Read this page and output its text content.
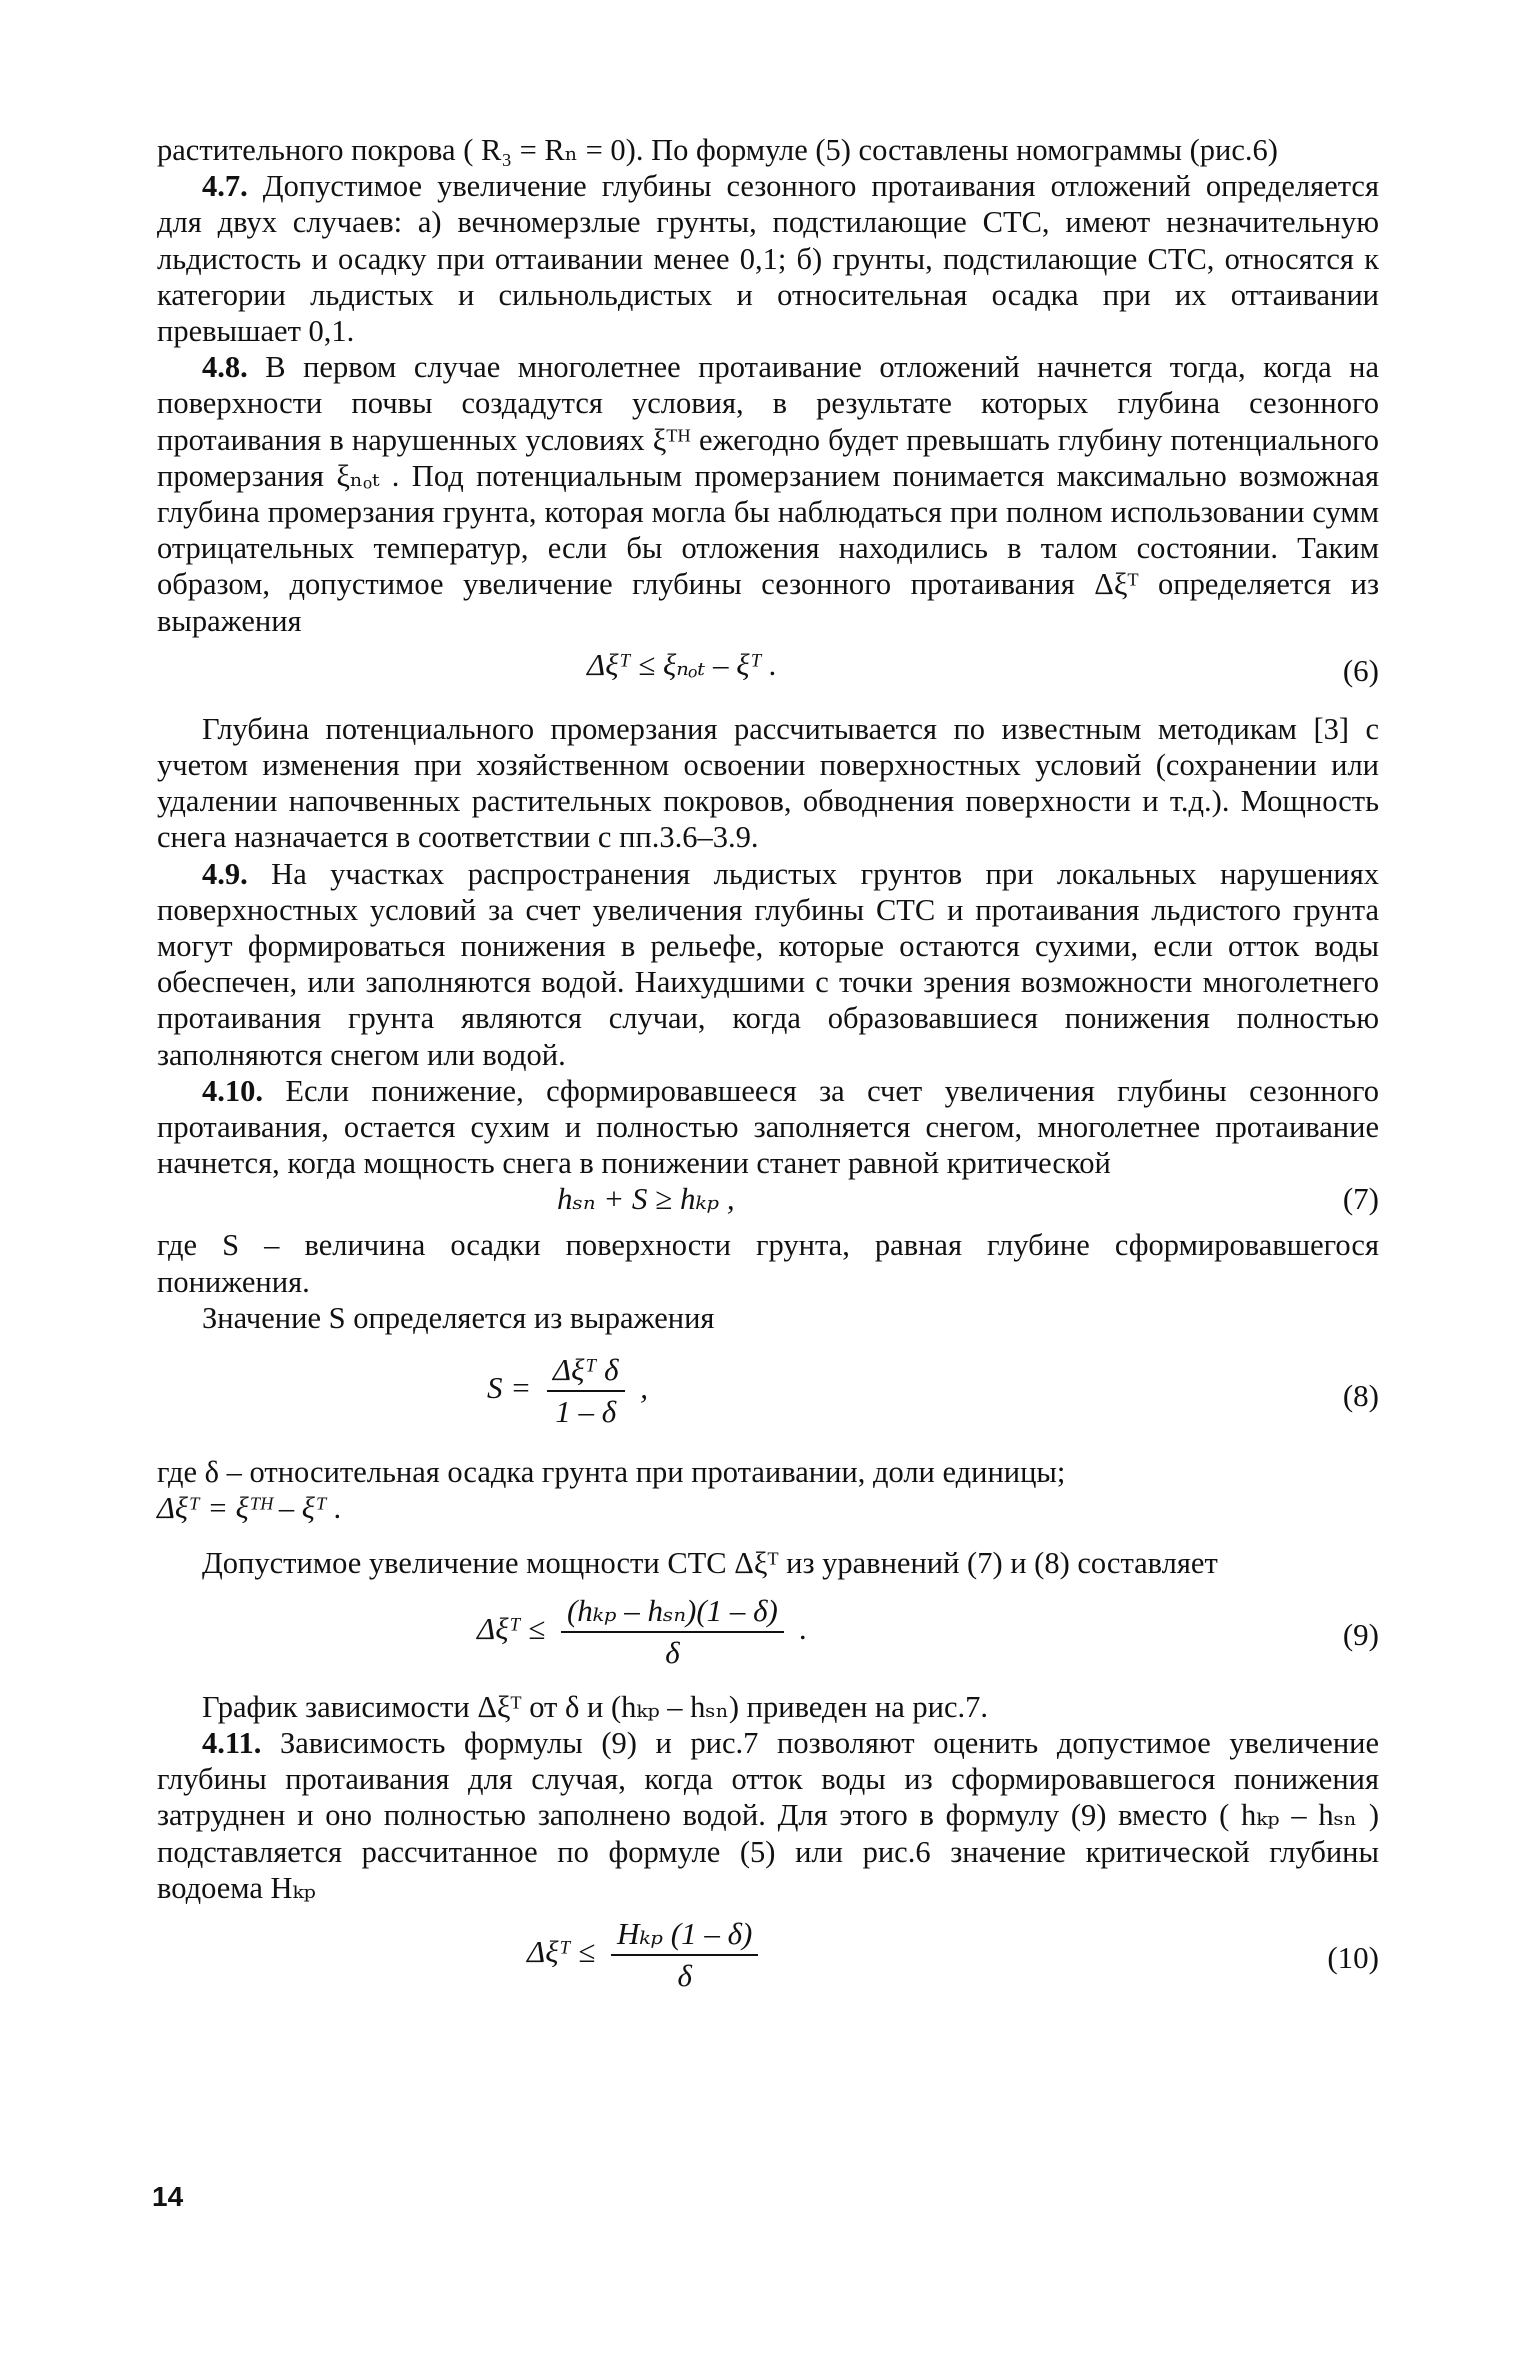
растительного покрова ( R₃ = Rₙ = 0). По формуле (5) составлены номограммы (рис.6)

4.7. Допустимое увеличение глубины сезонного протаивания отложений определяется для двух случаев: а) вечномерзлые грунты, подстилающие СТС, имеют незначительную льдистость и осадку при оттаивании менее 0,1; б) грунты, подстилающие СТС, относятся к категории льдистых и сильнольдистых и относительная осадка при их оттаивании превышает 0,1.

4.8. В первом случае многолетнее протаивание отложений начнется тогда, когда на поверхности почвы создадутся условия, в результате которых глубина сезонного протаивания в нарушенных условиях ξᵀᴴ ежегодно будет превышать глубину потенциального промерзания ξₙₒₜ . Под потенциальным промерзанием понимается максимально возможная глубина промерзания грунта, которая могла бы наблюдаться при полном использовании сумм отрицательных температур, если бы отложения находились в талом состоянии. Таким образом, допустимое увеличение глубины сезонного протаивания Δξᵀ определяется из выражения

Δξᵀ ≤ ξₙₒₜ – ξᵀ .	(6)

Глубина потенциального промерзания рассчитывается по известным методикам [3] с учетом изменения при хозяйственном освоении поверхностных условий (сохранении или удалении напочвенных растительных покровов, обводнения поверхности и т.д.). Мощность снега назначается в соответствии с пп.3.6–3.9.

4.9. На участках распространения льдистых грунтов при локальных нарушениях поверхностных условий за счет увеличения глубины СТС и протаивания льдистого грунта могут формироваться понижения в рельефе, которые остаются сухими, если отток воды обеспечен, или заполняются водой. Наихудшими с точки зрения возможности многолетнего протаивания грунта являются случаи, когда образовавшиеся понижения полностью заполняются снегом или водой.

4.10. Если понижение, сформировавшееся за счет увеличения глубины сезонного протаивания, остается сухим и полностью заполняется снегом, многолетнее протаивание начнется, когда мощность снега в понижении станет равной критической

hₛₙ + S ≥ hₖₚ ,	(7)

где S – величина осадки поверхности грунта, равная глубине сформировавшегося понижения.

Значение S определяется из выражения

$S = \frac{\text{Δξᵀ δ}}{1 - \delta}$ ,	(8)

где δ – относительная осадка грунта при протаивании, доли единицы;

Δξᵀ = ξᵀᴴ – ξᵀ .

Допустимое увеличение мощности СТС Δξᵀ из уравнений (7) и (8) составляет

Δξᵀ ≤ $\frac{\text{(hₖₚ – hₛₙ)(1 – δ)}}{\delta}$ .	(9)

График зависимости Δξᵀ от δ и (hₖₚ – hₛₙ) приведен на рис.7.

4.11. Зависимость формулы (9) и рис.7 позволяют оценить допустимое увеличение глубины протаивания для случая, когда отток воды из сформировавшегося понижения затруднен и оно полностью заполнено водой. Для этого в формулу (9) вместо ( hₖₚ – hₛₙ ) подставляется рассчитанное по формуле (5) или рис.6 значение критической глубины водоема Hₖₚ

Δξᵀ ≤ $\frac{\text{Hₖₚ (1 – δ)}}{\delta}$	(10)
14
